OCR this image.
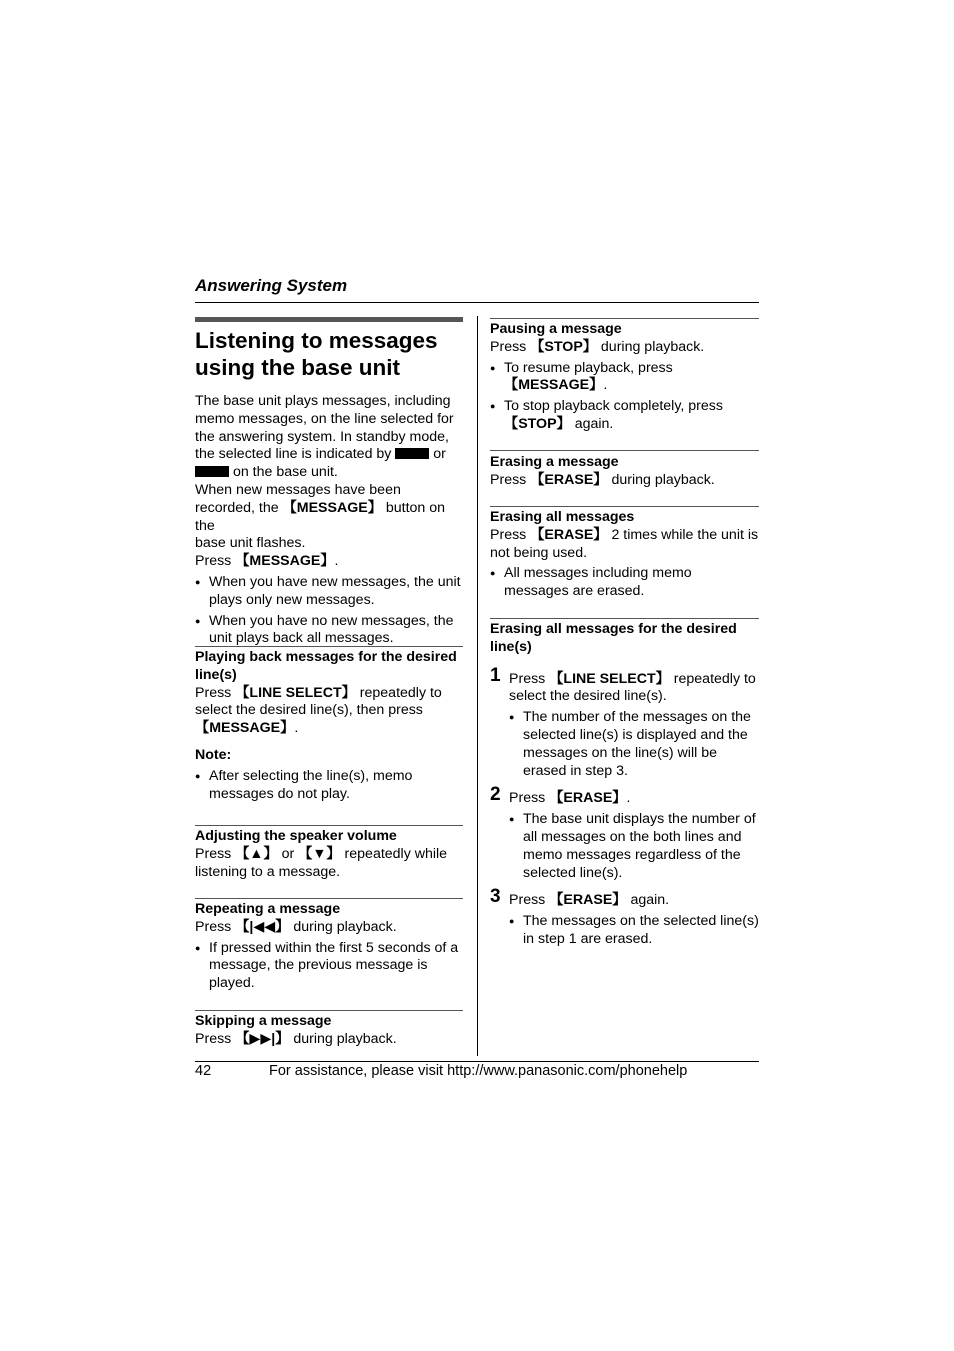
Answering System
Listening to messages
using the base unit

The base unit plays messages, including

memo messages, on the line selected for

the answering system. In standby mode,

the selected line is indicated by	or

on the base unit.

When new messages have been

recorded, the 【MESSAGE】 button on the

base unit flashes.

Press 【MESSAGE】.

● When you have new messages, the unit plays only new messages.
● When you have no new messages, the unit plays back all messages.

Playing back messages for the desired line(s)

Press 【LINE SELECT】 repeatedly to select the desired line(s), then press 【MESSAGE】.

Note:

● After selecting the line(s), memo messages do not play.

Adjusting the speaker volume

Press 【▲】 or 【▼】 repeatedly while listening to a message.

Repeating a message

Press 【|◀◀】 during playback.

● If pressed within the first 5 seconds of a message, the previous message is played.

Skipping a message

Press 【▶▶|】 during playback.

Pausing a message

Press 【STOP】 during playback.

● To resume playback, press 【MESSAGE】.
● To stop playback completely, press 【STOP】 again.

Erasing a message

Press 【ERASE】 during playback.

Erasing all messages

Press 【ERASE】 2 times while the unit is not being used.

● All messages including memo messages are erased.

Erasing all messages for the desired line(s)

1 Press 【LINE SELECT】 repeatedly to select the desired line(s).

● The number of the messages on the selected line(s) is displayed and the messages on the line(s) will be erased in step 3.
2 Press 【ERASE】.

● The base unit displays the number of all messages on the both lines and memo messages regardless of the selected line(s).
3 Press 【ERASE】 again.

● The messages on the selected line(s) in step 1 are erased.
42	For assistance, please visit http://www.panasonic.com/phonehelp
